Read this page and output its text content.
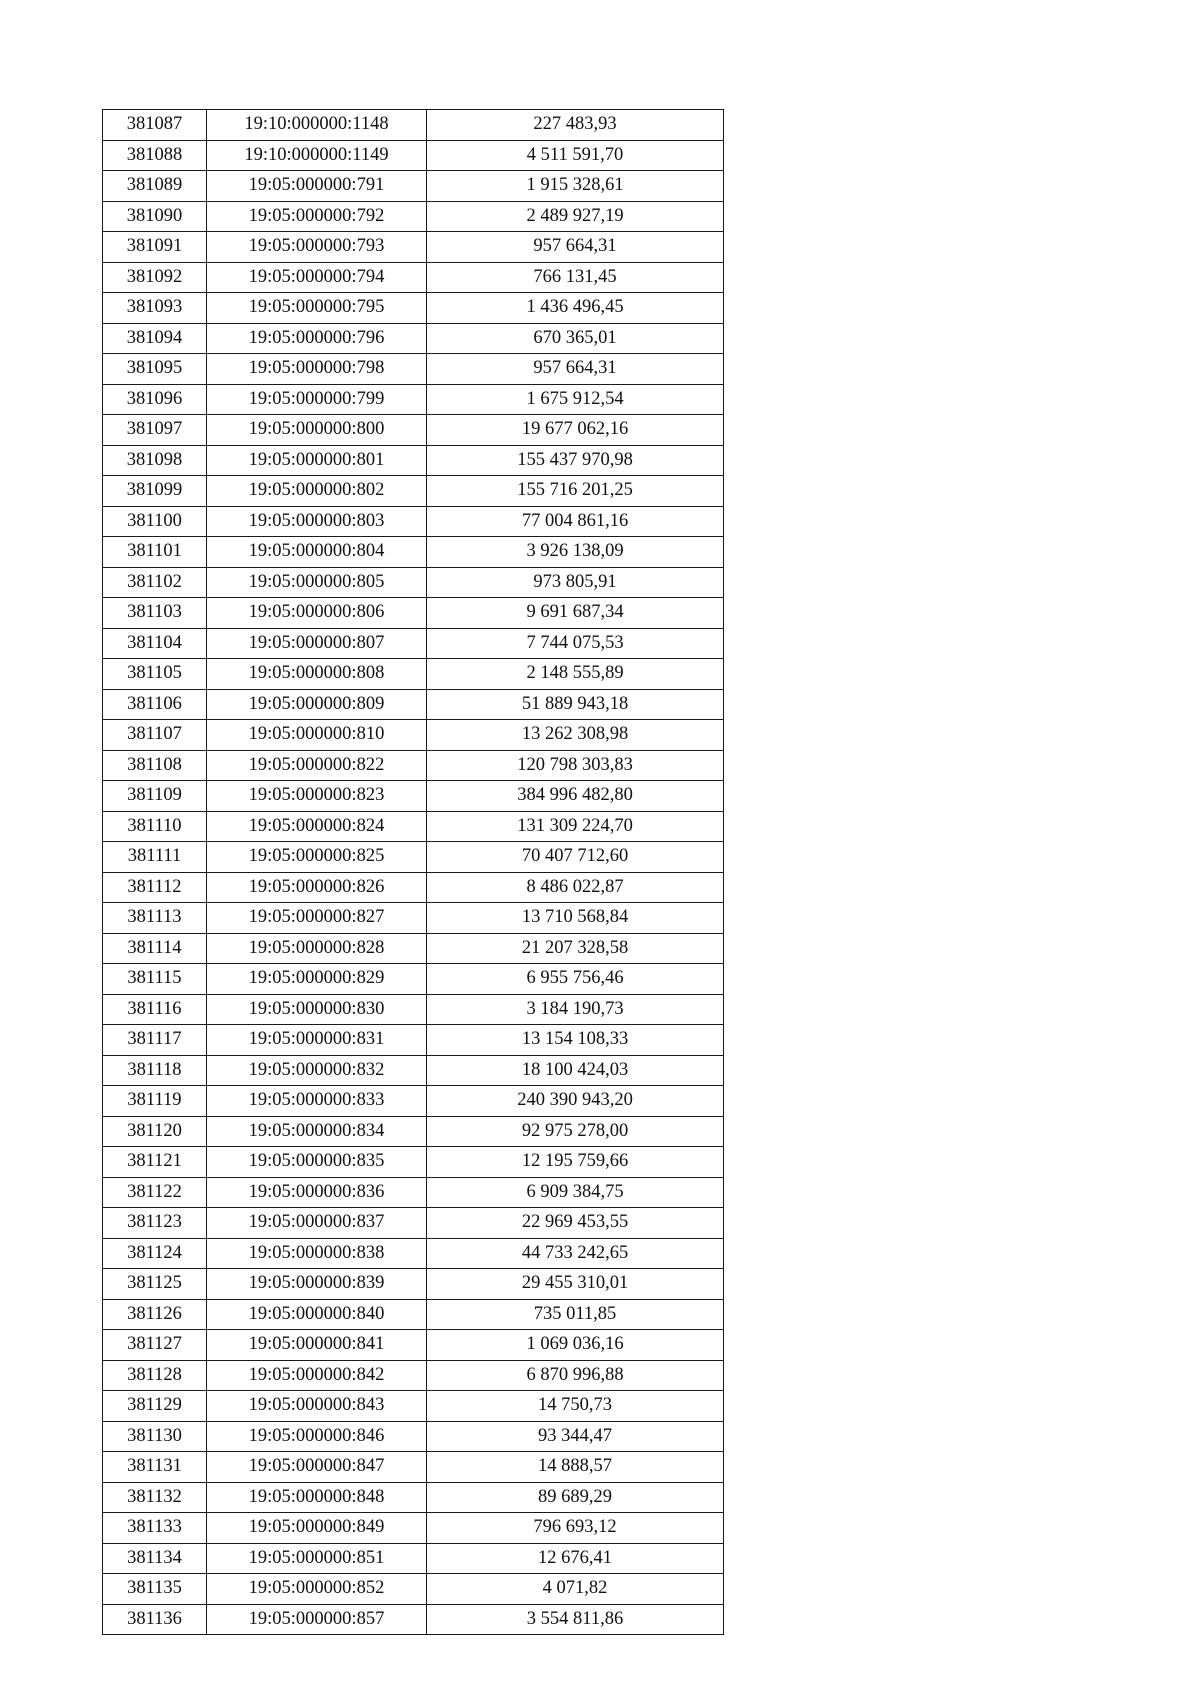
381087	19:10:000000:1148	227 483,93
381088	19:10:000000:1149	4 511 591,70
381089	19:05:000000:791	1 915 328,61
381090	19:05:000000:792	2 489 927,19
381091	19:05:000000:793	957 664,31
381092	19:05:000000:794	766 131,45
381093	19:05:000000:795	1 436 496,45
381094	19:05:000000:796	670 365,01
381095	19:05:000000:798	957 664,31
381096	19:05:000000:799	1 675 912,54
381097	19:05:000000:800	19 677 062,16
381098	19:05:000000:801	155 437 970,98
381099	19:05:000000:802	155 716 201,25
381100	19:05:000000:803	77 004 861,16
381101	19:05:000000:804	3 926 138,09
381102	19:05:000000:805	973 805,91
381103	19:05:000000:806	9 691 687,34
381104	19:05:000000:807	7 744 075,53
381105	19:05:000000:808	2 148 555,89
381106	19:05:000000:809	51 889 943,18
381107	19:05:000000:810	13 262 308,98
381108	19:05:000000:822	120 798 303,83
381109	19:05:000000:823	384 996 482,80
381110	19:05:000000:824	131 309 224,70
381111	19:05:000000:825	70 407 712,60
381112	19:05:000000:826	8 486 022,87
381113	19:05:000000:827	13 710 568,84
381114	19:05:000000:828	21 207 328,58
381115	19:05:000000:829	6 955 756,46
381116	19:05:000000:830	3 184 190,73
381117	19:05:000000:831	13 154 108,33
381118	19:05:000000:832	18 100 424,03
381119	19:05:000000:833	240 390 943,20
381120	19:05:000000:834	92 975 278,00
381121	19:05:000000:835	12 195 759,66
381122	19:05:000000:836	6 909 384,75
381123	19:05:000000:837	22 969 453,55
381124	19:05:000000:838	44 733 242,65
381125	19:05:000000:839	29 455 310,01
381126	19:05:000000:840	735 011,85
381127	19:05:000000:841	1 069 036,16
381128	19:05:000000:842	6 870 996,88
381129	19:05:000000:843	14 750,73
381130	19:05:000000:846	93 344,47
381131	19:05:000000:847	14 888,57
381132	19:05:000000:848	89 689,29
381133	19:05:000000:849	796 693,12
381134	19:05:000000:851	12 676,41
381135	19:05:000000:852	4 071,82
381136	19:05:000000:857	3 554 811,86
